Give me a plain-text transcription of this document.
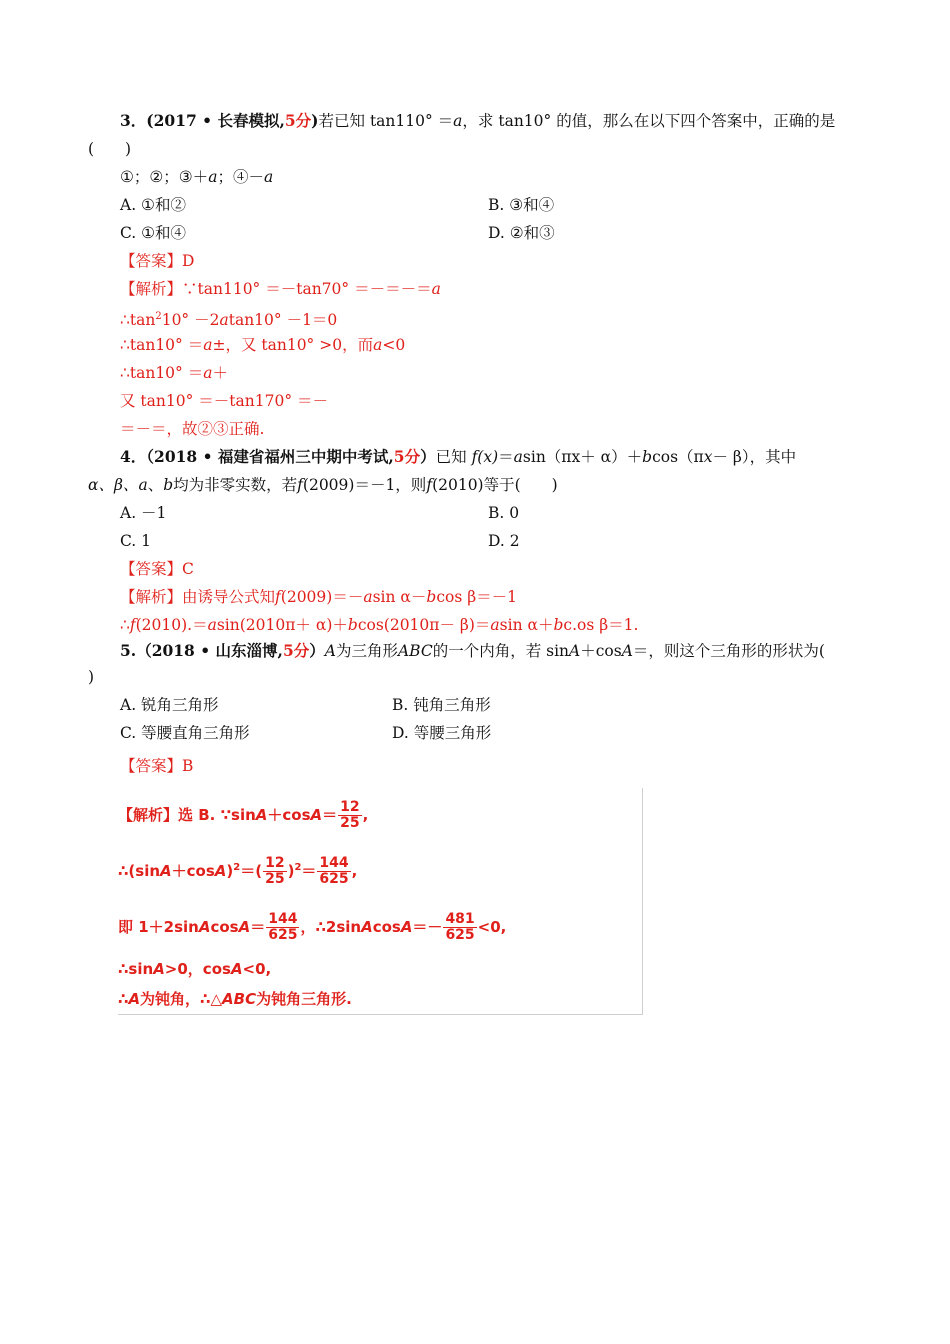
3．(2017 • 长春模拟,5分)若已知 tan110° ＝a，求 tan10° 的值，那么在以下四个答案中，正确的是
(　　)
①；②；③＋a；④－a
A. ①和②	B. ③和④
C. ①和④	D. ②和③
【答案】D
【解析】∵tan110° ＝－tan70° ＝－＝－＝a
$\therefore\tan^210^\circ -2atan10^\circ -1=0$
∴tan10° ＝a±，又 tan10° >0，而a<0
∴tan10° ＝a＋
又 tan10° ＝－tan170° ＝－
＝－＝，故②③正确.
4．（2018 • 福建省福州三中期中考试,5分）已知 f(x)＝asin（πx＋ α）＋bcos（πx－ β），其中
α、β、a、b均为非零实数，若f(2009)＝－1，则f(2010)等于(　　)
A. －1	B. 0
C. 1	D. 2
【答案】C
【解析】由诱导公式知f(2009)＝－asin α－bcos β＝－1
∴f(2010).＝asin(2010π＋ α)＋bcos(2010π－ β)＝asin α＋bc.os β＝1.
5.（2018 • 山东淄博,5分）A为三角形ABC的一个内角，若 sinA＋cosA＝，则这个三角形的形状为(
)
A. 锐角三角形	B. 钝角三角形
C. 等腰直角三角形	D. 等腰三角形
【答案】B
【解析】选 B. ∵sinA＋cosA＝ $\frac{12}{25}$ ,
$\therefore(\sin A+\cos A)^2=( \frac{12}{25} )^2= \frac{144}{625}$ ,
即 1＋2sinAcosA＝ $\frac{144}{625}$ ，∴2sinAcosA＝－ $\frac{481}{625} <0$,
∴sinA>0，cosA<0,
∴A为钝角，∴△ABC为钝角三角形.
